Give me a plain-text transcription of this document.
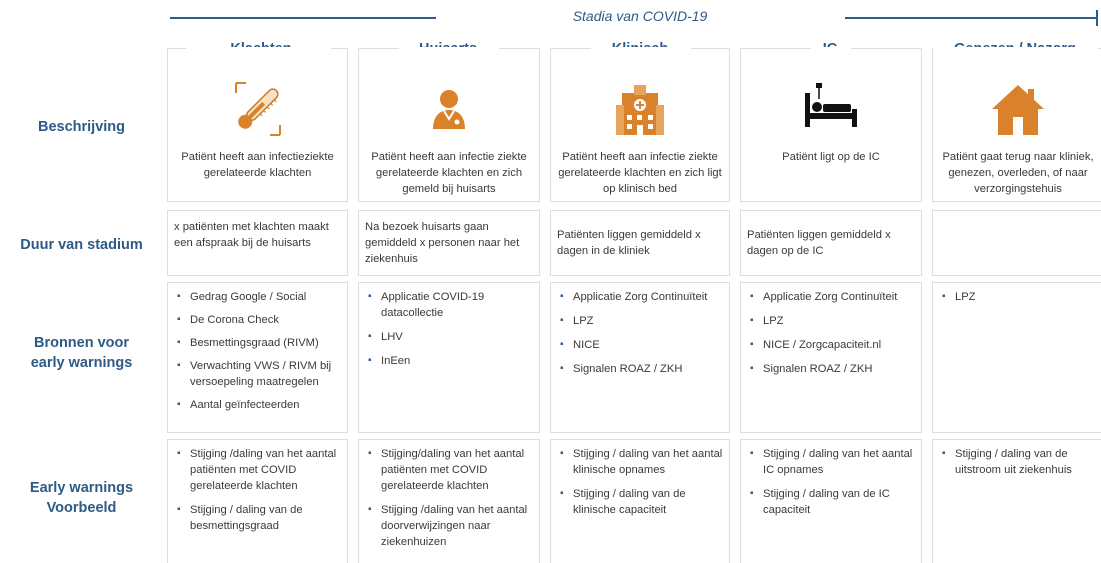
Stadia van COVID-19
Beschrijving
Duur van stadium
Bronnen voor
early warnings
Early warnings
Voorbeeld
Patiënt heeft aan infectieziekte gerelateerde klachten
Patiënt heeft aan infectie ziekte gerelateerde klachten en zich gemeld bij huisarts
Patiënt heeft aan infectie ziekte gerelateerde klachten en zich ligt op klinisch bed
Patiënt ligt op de IC	Patiënt gaat terug naar kliniek, genezen, overleden, of naar verzorgingstehuis
x patiënten met klachten maakt een afspraak bij de huisarts
Na bezoek huisarts gaan gemiddeld x personen naar het ziekenhuis
Patiënten liggen gemiddeld x dagen in de kliniek
Patiënten liggen gemiddeld x dagen op de IC
▪ Gedrag Google / Social
▪ De Corona Check
▪ Besmettingsgraad (RIVM)
▪ Verwachting VWS / RIVM bij versoepeling maatregelen
▪ Aantal geïnfecteerden
▪ Applicatie COVID-19 datacollectie
▪ LHV
▪ InEen
▪ Applicatie Zorg Continuïteit
▪ LPZ
▪ NICE
▪ Signalen ROAZ / ZKH
▪ Applicatie Zorg Continuïteit
▪ LPZ
▪ NICE / Zorgcapaciteit.nl
▪ Signalen ROAZ / ZKH
▪ LPZ
▪ Stijging /daling van het aantal patiënten met COVID gerelateerde klachten
▪ Stijging / daling van de besmettingsgraad
▪ Stijging/daling van het aantal patiënten met COVID gerelateerde klachten
▪ Stijging /daling van het aantal doorverwijzingen naar ziekenhuizen
▪ Stijging / daling van het aantal klinische opnames
▪ Stijging / daling van de klinische capaciteit
▪ Stijging / daling van het aantal IC opnames
▪ Stijging / daling van de IC capaciteit
▪ Stijging / daling van de uitstroom uit ziekenhuis
